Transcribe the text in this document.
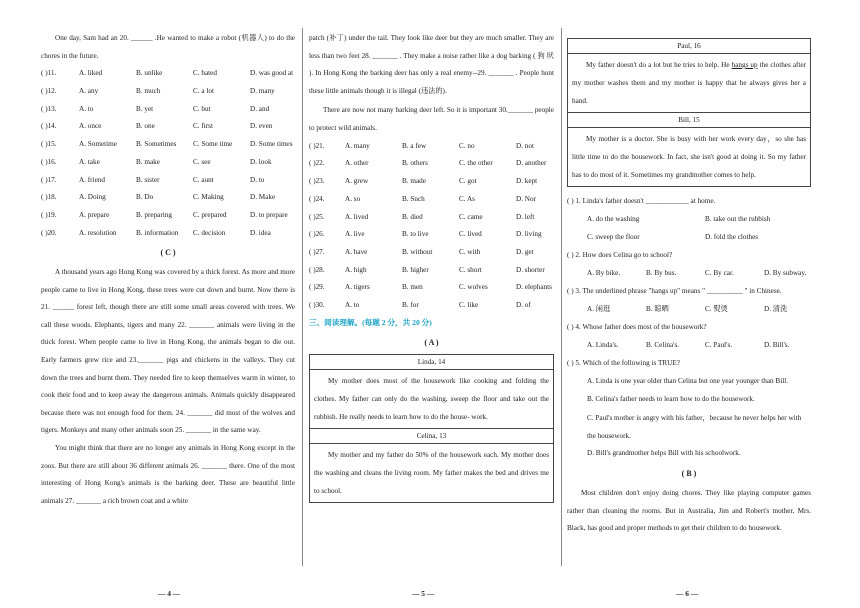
One day, Sam had an 20. ______ .He wanted to make a robot (机器人) to do the chores in the future.

( )11.	A. liked	B. unlike	C. hated	D. was good at
( )12.	A. any	B. much	C. a lot	D. many
( )13.	A. to	B. yet	C. but	D. and
( )14.	A. once	B. one	C. first	D. even
( )15.	A. Sometime	B. Sometimes	C. Some time	D. Some times
( )16.	A. take	B. make	C. see	D. look
( )17.	A. friend	B. sister	C. aunt	D. to
( )18.	A. Doing	B. Do	C. Making	D. Make
( )19.	A. prepare	B. preparing	C. prepared	D. to prepare
( )20.	A. resolution	B. information	C. decision	D. idea
( C )

A thousand years ago Hong Kong was covered by a thick forest. As more and more people came to live in Hong Kong, these trees were cut down and burnt. Now there is 21. ______ forest left, though there are still some small areas covered with trees. We call these woods. Elephants, tigers and many 22. _______ animals were living in the thick forest. When people came to live in Hong Kong, the animals began to die out. Early farmers grew rice and 23._______ pigs and chickens in the valleys. They cut down the trees and burnt them. They needed fire to keep themselves warm in winter, to cook their food and to keep away the dangerous animals. Animals quickly disappeared because there was not enough food for them. 24. _______ did most of the wolves and tigers. Monkeys and many other animals soon 25. _______ in the same way.

You might think that there are no longer any animals in Hong Kong except in the zoos. But there are still about 36 different animals 26. _______ there. One of the most interesting of Hong Kong's animals is the barking deer. These are beautiful little animals 27. _______ a rich brown coat and a white

patch (补丁) under the tail. They look like deer but they are much smaller. They are less than two feet 28. _______ . They make a noise rather like a dog barking ( 狗 吠 ). In Hong Kong the barking deer has only a real enemy--29. _______ . People hunt these little animals though it is illegal (违法的).

There are now not many barking deer left. So it is important 30._______ people to protect wild animals.

( )21.	A. many	B. a few	C. no	D. not
( )22.	A. other	B. others	C. the other	D. another
( )23.	A. grew	B. made	C. got	D. kept
( )24.	A. so	B. Such	C. As	D. Nor
( )25.	A. lived	B. died	C. came	D. left
( )26.	A. live	B. to live	C. lived	D. living
( )27.	A. have	B. without	C. with	D. get
( )28.	A. high	B. higher	C. short	D. shorter
( )29.	A. tigers	B. men	C. wolves	D. elephants
( )30.	A. to	B. for	C. like	D. of
三、阅读理解。(每题 2 分，共 20 分)
( A )
Linda, 14
My mother does most of the housework like cooking and folding the clothes. My father can only do the washing, sweep the floor and take out the rubbish. He really needs to learn how to do the house- work.
Celina, 13
My mother and my father do 50% of the housework each. My mother does the washing and cleans the living room. My father makes the bed and drives me to school.
Paul, 16
My father doesn't do a lot but he tries to help. He hangs up the clothes after my mother washes them and my mother is happy that he always gives her a hand.
Bill, 15
My mother is a doctor. She is busy with her work every day，so she has little time to do the housework. In fact, she isn't good at doing it. So my father has to do most of it. Sometimes my grandmother comes to help.
( ) 1. Linda's father doesn't ____________ at home.
A. do the washing	B. take out the rubbish
C. sweep the floor	D. fold the clothes
( ) 2. How does Celina go to school?
A. By bike.	B. By bus.	C. By car.	D. By subway.
( ) 3. The underlined phrase "hangs up" means " __________ " in Chinese.
A. 闲逛	B. 晾晒	C. 熨烫	D. 清洗
( ) 4. Whose father does most of the housework?
A. Linda's.	B. Celina's.	C. Paul's.	D. Bill's.
( ) 5. Which of the following is TRUE?
A. Linda is one year older than Celina but one year younger than Bill.
B. Celina's father needs to learn how to do the housework.
C. Paul's mother is angry with his father，because he never helps her with the housework.
D. Bill's grandmother helps Bill with his schoolwork.
( B )

Most children don't enjoy doing chores. They like playing computer games rather than cleaning the rooms. But in Australia, Jim and Robert's mother, Mrs. Black, has good and proper methods to get their children to do housework.

— 4 —	— 5 —	— 6 —
